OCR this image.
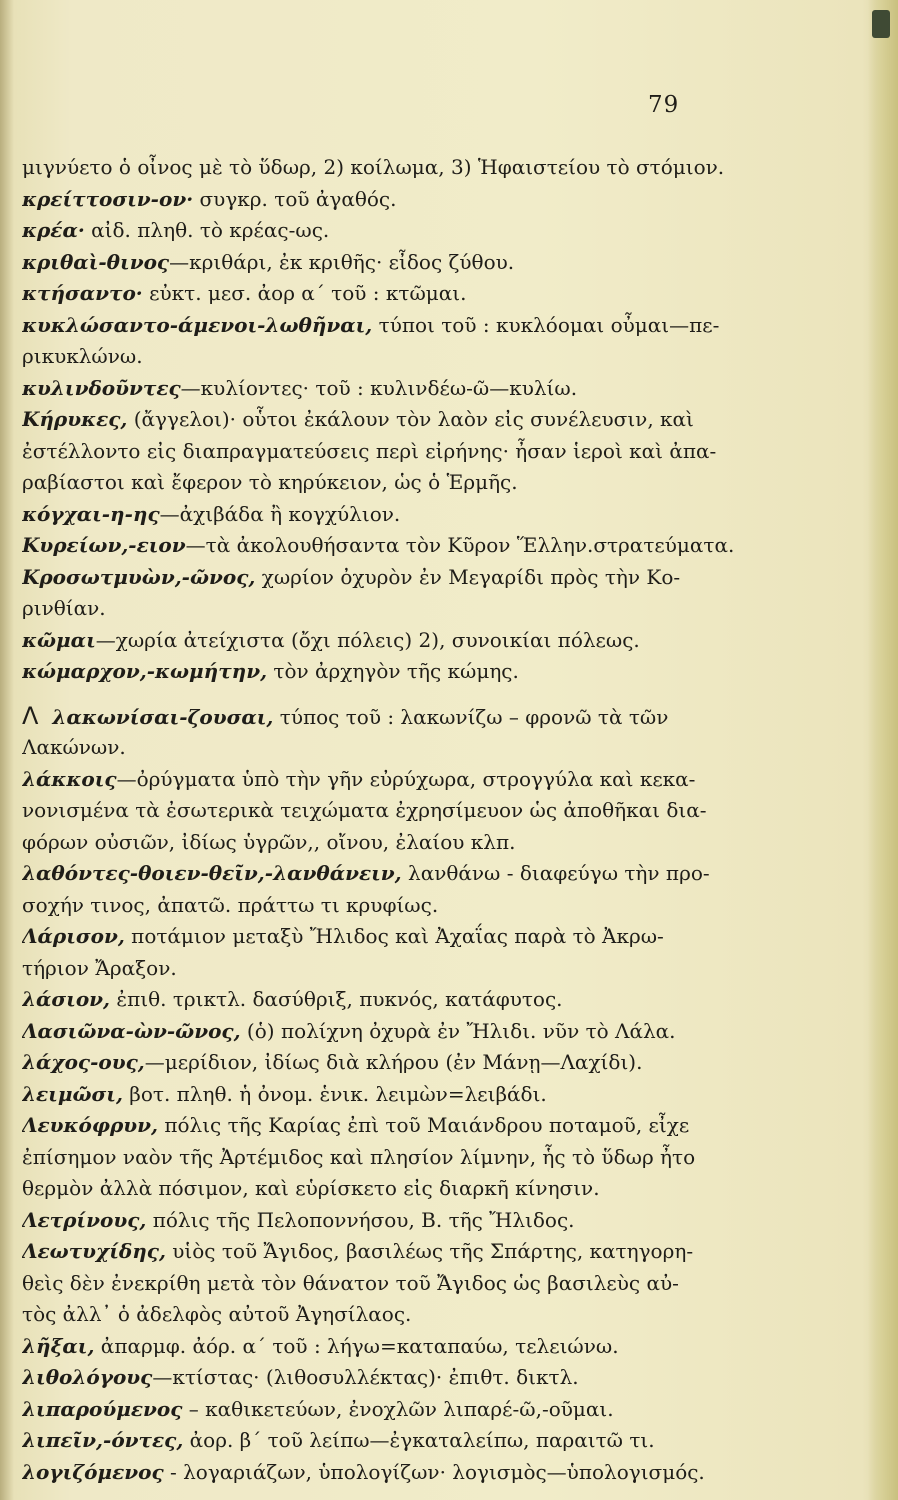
79
μιγνύετο ὁ οἶνος μὲ τὸ ὕδωρ, 2) κοίλωμα, 3) Ἡφαιστείου τὸ στόμιον.
κρείττοσιν-ον· συγκρ. τοῦ ἀγαθός.
κρέα· αἰδ. πληθ. τὸ κρέας-ως.
κριθαὶ-θινος—κριθάρι, ἐκ κριθῆς· εἶδος ζύθου.
κτήσαντο· εὐκτ. μεσ. ἀορ α΄ τοῦ : κτῶμαι.
κυκλώσαντο-άμενοι-λωθῆναι, τύποι τοῦ : κυκλόομαι οὖμαι—πε-
ρικυκλώνω.
κυλινδοῦντες—κυλίοντες· τοῦ : κυλινδέω-ῶ—κυλίω.
Κήρυκες, (ἄγγελοι)· οὗτοι ἐκάλουν τὸν λαὸν εἰς συνέλευσιν, καὶ
ἐστέλλοντο εἰς διαπραγματεύσεις περὶ εἰρήνης· ἦσαν ἱεροὶ καὶ ἀπα-
ραβίαστοι καὶ ἔφερον τὸ κηρύκειον, ὡς ὁ Ἑρμῆς.
κόγχαι-η-ης—ἀχιβάδα ἢ κογχύλιον.
Κυρείων,-ειον—τὰ ἀκολουθήσαντα τὸν Κῦρον Ἕλλην.στρατεύματα.
Κροσωτμυὼν,-ῶνος, χωρίον ὀχυρὸν ἐν Μεγαρίδι πρὸς τὴν Κο-
ρινθίαν.
κῶμαι—χωρία ἀτείχιστα (ὄχι πόλεις) 2), συνοικίαι πόλεως.
κώμαρχον,-κωμήτην, τὸν ἀρχηγὸν τῆς κώμης.
Λ λακωνίσαι-ζουσαι, τύπος τοῦ : λακωνίζω – φρονῶ τὰ τῶν
Λακώνων.
λάκκοις—ὀρύγματα ὑπὸ τὴν γῆν εὐρύχωρα, στρογγύλα καὶ κεκα-
νονισμένα τὰ ἐσωτερικὰ τειχώματα ἐχρησίμευον ὡς ἀποθῆκαι δια-
φόρων οὐσιῶν, ἰδίως ὑγρῶν,, οἴνου, ἐλαίου κλπ.
λαθόντες-θοιεν-θεῖν,-λανθάνειν, λανθάνω - διαφεύγω τὴν προ-
σοχήν τινος, ἀπατῶ. πράττω τι κρυφίως.
Λάρισον, ποτάμιον μεταξὺ Ἤλιδος καὶ Ἀχαΐας παρὰ τὸ Ἀκρω-
τήριον Ἄραξον.
λάσιον, ἐπιθ. τρικτλ. δασύθριξ, πυκνός, κατάφυτος.
Λασιῶνα-ὼν-ῶνος, (ὁ) πολίχνη ὀχυρὰ ἐν Ἤλιδι. νῦν τὸ Λάλα.
λάχος-ους,—μερίδιον, ἰδίως διὰ κλήρου (ἐν Μάνῃ—Λαχίδι).
λειμῶσι, βοτ. πληθ. ἡ ὀνομ. ἑνικ. λειμὼν=λειβάδι.
Λευκόφρυν, πόλις τῆς Καρίας ἐπὶ τοῦ Μαιάνδρου ποταμοῦ, εἶχε
ἐπίσημον ναὸν τῆς Ἀρτέμιδος καὶ πλησίον λίμνην, ἧς τὸ ὕδωρ ἦτο
θερμὸν ἀλλὰ πόσιμον, καὶ εὑρίσκετο εἰς διαρκῆ κίνησιν.
Λετρίνους, πόλις τῆς Πελοποννήσου, Β. τῆς Ἤλιδος.
Λεωτυχίδης, υἱὸς τοῦ Ἄγιδος, βασιλέως τῆς Σπάρτης, κατηγορη-
θεὶς δὲν ἐνεκρίθη μετὰ τὸν θάνατον τοῦ Ἄγιδος ὡς βασιλεὺς αὐ-
τὸς ἀλλ᾽ ὁ ἀδελφὸς αὐτοῦ Ἀγησίλαος.
λῆξαι, ἀπαρμφ. ἀόρ. α΄ τοῦ : λήγω=καταπαύω, τελειώνω.
λιθολόγους—κτίστας· (λιθοσυλλέκτας)· ἐπιθτ. δικτλ.
λιπαρούμενος – καθικετεύων, ἐνοχλῶν λιπαρέ-ῶ,-οῦμαι.
λιπεῖν,-όντες, ἀορ. β΄ τοῦ λείπω—ἐγκαταλείπω, παραιτῶ τι.
λογιζόμενος - λογαριάζων, ὑπολογίζων· λογισμὸς—ὑπολογισμός.
